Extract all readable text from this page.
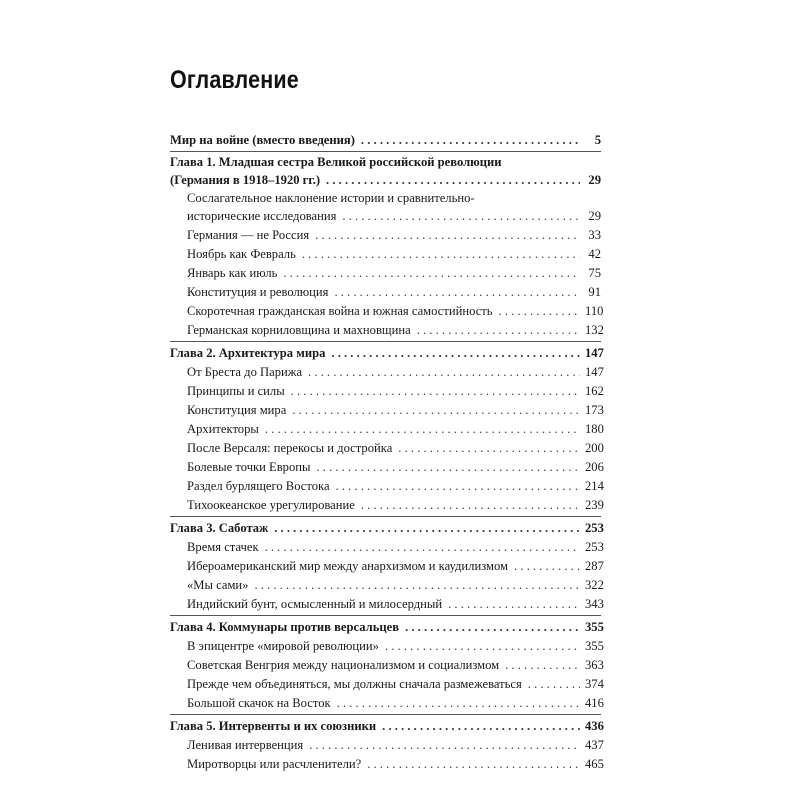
Оглавление
Мир на войне (вместо введения) . . .	5
Глава 1. Младшая сестра Великой российской революции
(Германия в 1918–1920 гг.) . . .	29
Сослагательное наклонение истории и сравнительно-
исторические исследования . . .	29
Германия — не Россия . . .	33
Ноябрь как Февраль . . .	42
Январь как июль . . .	75
Конституция и революция . . .	91
Скоротечная гражданская война и южная самостийность . . .	110
Германская корниловщина и махновщина . . .	132
Глава 2. Архитектура мира . . .	147
От Бреста до Парижа . . .	147
Принципы и силы . . .	162
Конституция мира . . .	173
Архитекторы . . .	180
После Версаля: перекосы и достройка . . .	200
Болевые точки Европы . . .	206
Раздел бурлящего Востока . . .	214
Тихоокеанское урегулирование . . .	239
Глава 3. Саботаж . . .	253
Время стачек . . .	253
Ибероамериканский мир между анархизмом и каудилизмом . . .	287
«Мы сами» . . .	322
Индийский бунт, осмысленный и милосердный . . .	343
Глава 4. Коммунары против версальцев . . .	355
В эпицентре «мировой революции» . . .	355
Советская Венгрия между национализмом и социализмом . . .	363
Прежде чем объединяться, мы должны сначала размежеваться . . .	374
Большой скачок на Восток . . .	416
Глава 5. Интервенты и их союзники . . .	436
Ленивая интервенция . . .	437
Миротворцы или расчленители? . . .	465
